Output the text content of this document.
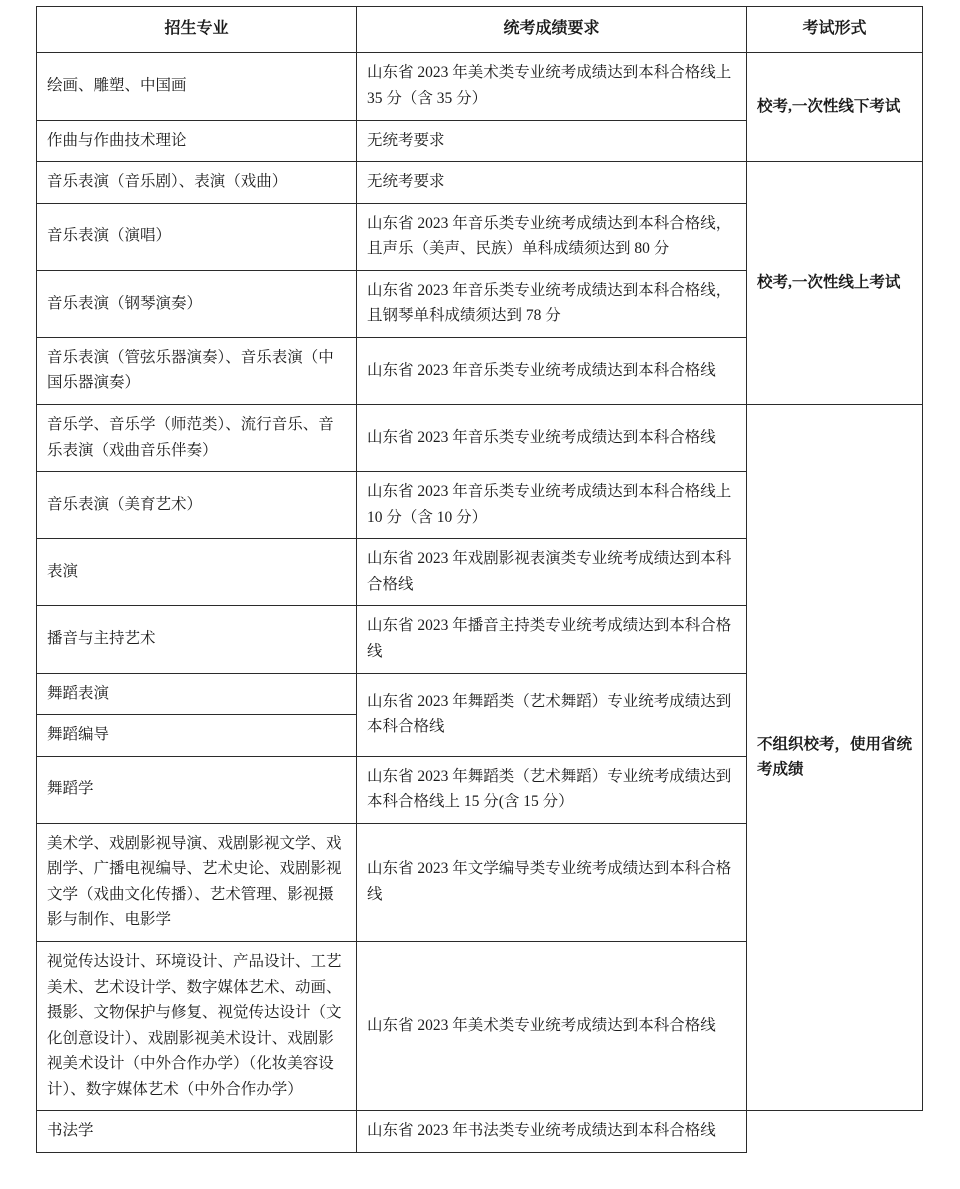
招生专业	统考成绩要求	考试形式
绘画、雕塑、中国画	山东省 2023 年美术类专业统考成绩达到本科合格线上 35 分（含 35 分）	校考,一次性线下考试
作曲与作曲技术理论	无统考要求	
音乐表演（音乐剧）、表演（戏曲）	无统考要求	校考,一次性线上考试
音乐表演（演唱）	山东省 2023 年音乐类专业统考成绩达到本科合格线，且声乐（美声、民族）单科成绩须达到 80 分	
音乐表演（钢琴演奏）	山东省 2023 年音乐类专业统考成绩达到本科合格线，且钢琴单科成绩须达到 78 分	
音乐表演（管弦乐器演奏）、音乐表演（中国乐器演奏）	山东省 2023 年音乐类专业统考成绩达到本科合格线	
音乐学、音乐学（师范类）、流行音乐、音乐表演（戏曲音乐伴奏）	山东省 2023 年音乐类专业统考成绩达到本科合格线	不组织校考，使用省统考成绩
音乐表演（美育艺术）	山东省 2023 年音乐类专业统考成绩达到本科合格线上 10 分（含 10 分）	
表演	山东省 2023 年戏剧影视表演类专业统考成绩达到本科合格线	
播音与主持艺术	山东省 2023 年播音主持类专业统考成绩达到本科合格线	
舞蹈表演	山东省 2023 年舞蹈类（艺术舞蹈）专业统考成绩达到本科合格线	
舞蹈编导		
舞蹈学	山东省 2023 年舞蹈类（艺术舞蹈）专业统考成绩达到本科合格线上 15 分(含 15 分）	
美术学、戏剧影视导演、戏剧影视文学、戏剧学、广播电视编导、艺术史论、戏剧影视文学（戏曲文化传播）、艺术管理、影视摄影与制作、电影学	山东省 2023 年文学编导类专业统考成绩达到本科合格线	
视觉传达设计、环境设计、产品设计、工艺美术、艺术设计学、数字媒体艺术、动画、摄影、文物保护与修复、视觉传达设计（文化创意设计）、戏剧影视美术设计、戏剧影视美术设计（中外合作办学）（化妆美容设计）、数字媒体艺术（中外合作办学）	山东省 2023 年美术类专业统考成绩达到本科合格线	
书法学	山东省 2023 年书法类专业统考成绩达到本科合格线	
